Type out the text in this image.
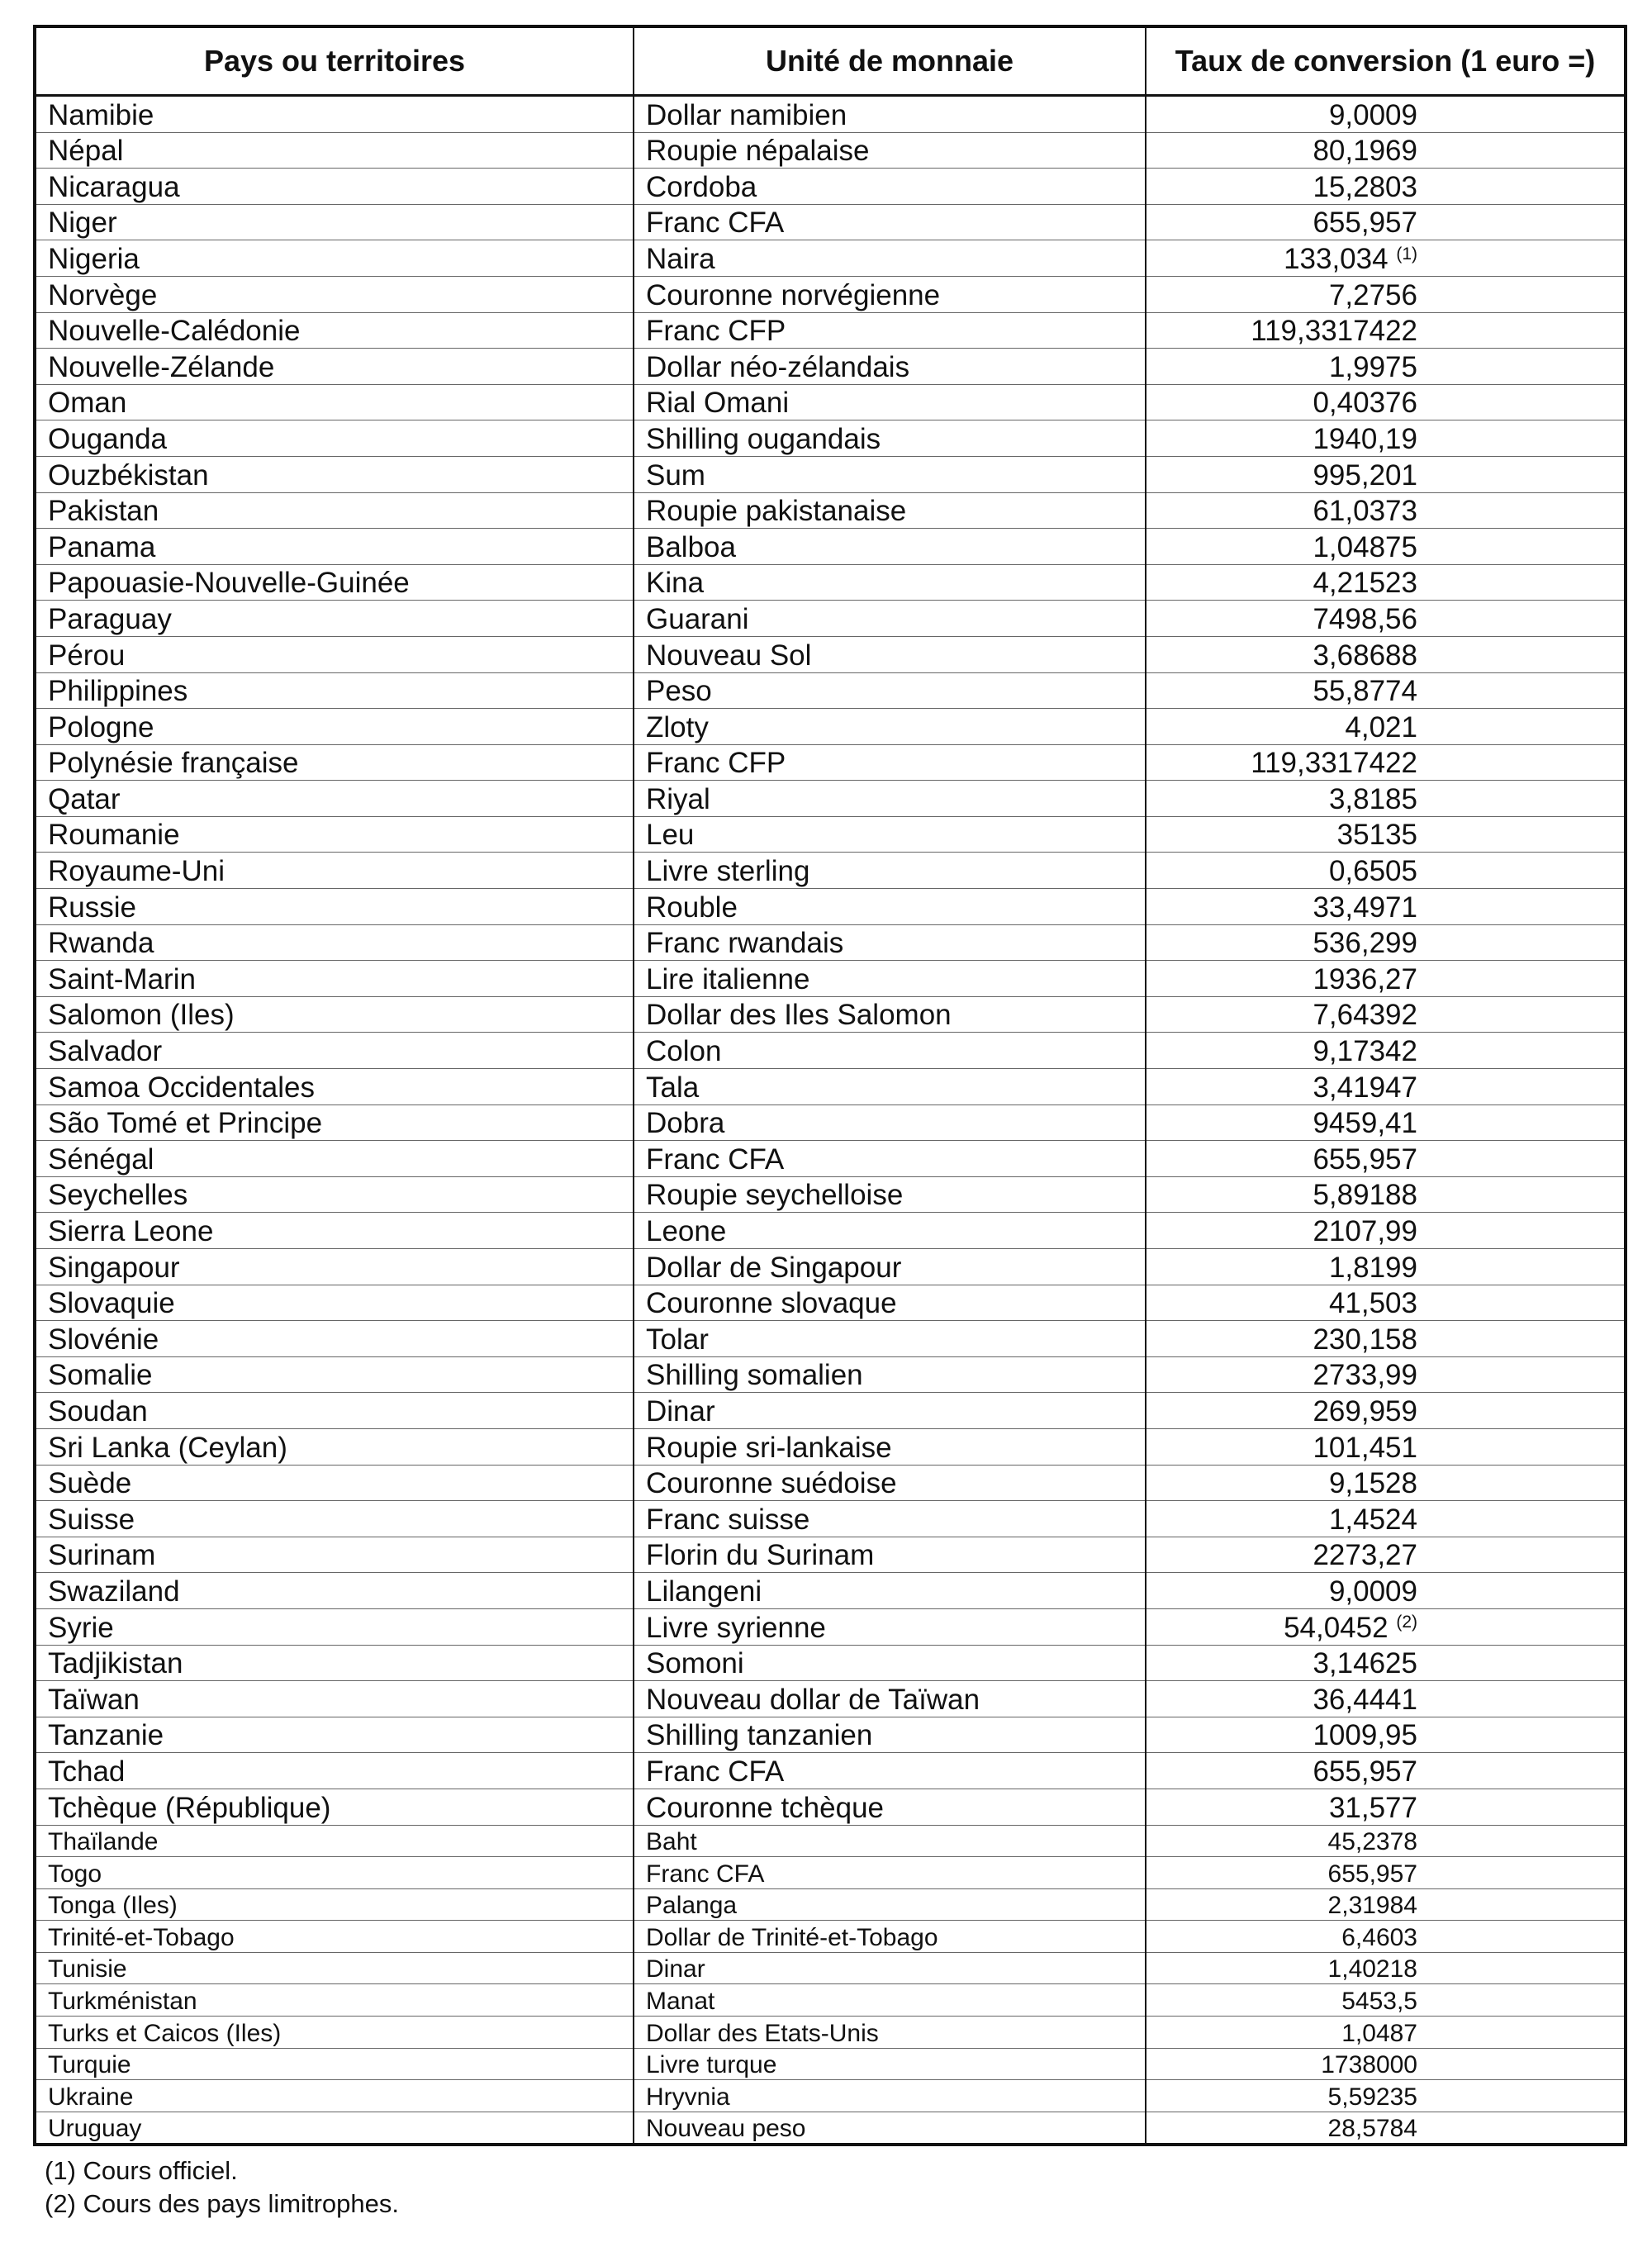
Pays ou territoires	Unité de monnaie	Taux de conversion (1 euro =)
Namibie	Dollar namibien	9,0009
Népal	Roupie népalaise	80,1969
Nicaragua	Cordoba	15,2803
Niger	Franc CFA	655,957
Nigeria	Naira	133,034 $^{(1)}$
Norvège	Couronne norvégienne	7,2756
Nouvelle-Calédonie	Franc CFP	119,3317422
Nouvelle-Zélande	Dollar néo-zélandais	1,9975
Oman	Rial Omani	0,40376
Ouganda	Shilling ougandais	1940,19
Ouzbékistan	Sum	995,201
Pakistan	Roupie pakistanaise	61,0373
Panama	Balboa	1,04875
Papouasie-Nouvelle-Guinée	Kina	4,21523
Paraguay	Guarani	7498,56
Pérou	Nouveau Sol	3,68688
Philippines	Peso	55,8774
Pologne	Zloty	4,021
Polynésie française	Franc CFP	119,3317422
Qatar	Riyal	3,8185
Roumanie	Leu	35135
Royaume-Uni	Livre sterling	0,6505
Russie	Rouble	33,4971
Rwanda	Franc rwandais	536,299
Saint-Marin	Lire italienne	1936,27
Salomon (Iles)	Dollar des Iles Salomon	7,64392
Salvador	Colon	9,17342
Samoa Occidentales	Tala	3,41947
São Tomé et Principe	Dobra	9459,41
Sénégal	Franc CFA	655,957
Seychelles	Roupie seychelloise	5,89188
Sierra Leone	Leone	2107,99
Singapour	Dollar de Singapour	1,8199
Slovaquie	Couronne slovaque	41,503
Slovénie	Tolar	230,158
Somalie	Shilling somalien	2733,99
Soudan	Dinar	269,959
Sri Lanka (Ceylan)	Roupie sri-lankaise	101,451
Suède	Couronne suédoise	9,1528
Suisse	Franc suisse	1,4524
Surinam	Florin du Surinam	2273,27
Swaziland	Lilangeni	9,0009
Syrie	Livre syrienne	54,0452 $^{(2)}$
Tadjikistan	Somoni	3,14625
Taïwan	Nouveau dollar de Taïwan	36,4441
Tanzanie	Shilling tanzanien	1009,95
Tchad	Franc CFA	655,957
Tchèque (République)	Couronne tchèque	31,577
Thaïlande	Baht	45,2378
Togo	Franc CFA	655,957
Tonga (Iles)	Palanga	2,31984
Trinité-et-Tobago	Dollar de Trinité-et-Tobago	6,4603
Tunisie	Dinar	1,40218
Turkménistan	Manat	5453,5
Turks et Caicos (Iles)	Dollar des Etats-Unis	1,0487
Turquie	Livre turque	1738000
Ukraine	Hryvnia	5,59235
Uruguay	Nouveau peso	28,5784
(1) Cours officiel.
(2) Cours des pays limitrophes.
